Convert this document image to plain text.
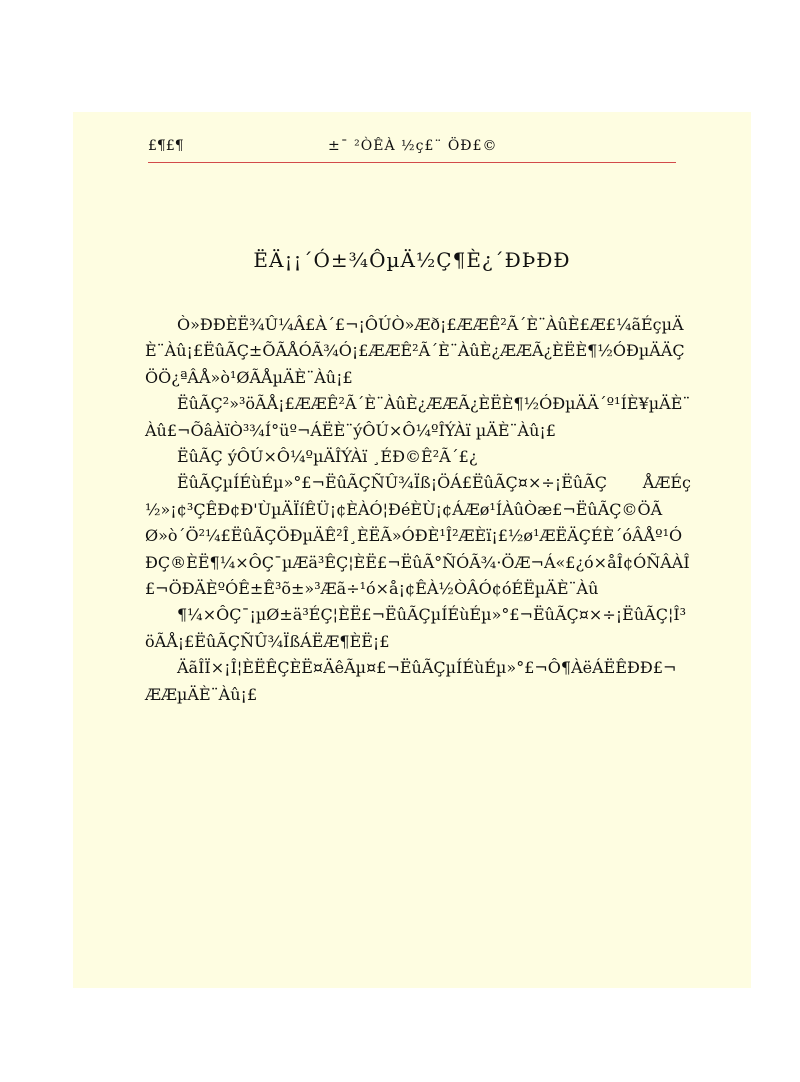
£¶£¶	±¯ ²ÒÊÀ ½ç£¨ ÖÐ£©
ËÄ¡¡´Ó±¾ÔµÄ½Ç¶È¿´ÐÞÐÐ

Ò»ÐÐÈË¾Û¼Â£À´£¬¡ÔÚÒ»Æð¡£ÆÆÊ²Ã´È¨ÀûÈ£Æ£¼ãÉçµÄÈ¨Àû¡£ËûÃÇ±ÕÃÅÓÃ¾Ó¡£ÆÆÊ²Ã´È¨ÀûÈ¿ÆÆÃ¿ÈËÈ¶½ÓÐµÄÄÇÖÖ¿ªÂÅ»ò¹ØÃÅµÄÈ¨Àû¡£

ËûÃÇ²»³öÃÅ¡£ÆÆÊ²Ã´È¨ÀûÈ¿ÆÆÃ¿ÈËÈ¶½ÓÐµÄÄ´º¹ÍÈ¥µÄÈ¨Àû£¬ÕâÀïÒ³¾Í°üº¬ÁËÈ¨ýÔÚ×Ô¼ºÎÝÀï µÄÈ¨Àû¡£

ËûÃÇ ýÔÚ×Ô¼ºµÄÎÝÀï ¸ÉÐ©Ê²Ã´£¿

ËûÃÇµÍÉùÉµ»°£¬ËûÃÇÑÛ¾Ïß¡ÖÁ£ËûÃÇ¤×÷¡ËûÃÇ ÅÆÉç½»¡¢³ÇÊÐ¢Ð'ÙµÄÏíÊÜ¡¢ÈÀÓ¦ÐéÈÙ¡¢ÁÆø¹ÍÀûÒæ£¬ËûÃÇ©ÖÃØ»ò´Ö²¼£ËûÃÇÖÐµÄÊ²Î¸ÈËÃ»ÓÐÈ¹Î²ÆÈï¡£½ø¹ÆËÄÇÉÈ´óÂÅº¹ÓÐÇ®ÈË¶¼×ÔÇ¯µÆä³ÊÇ¦ÈË£¬ËûÃ°ÑÓÃ¾·ÖÆ¬Á«£¿ó×åÎ¢ÓÑÂÀÎ£¬ÖÐÄÈºÓÊ±Ê³õ±»³Æã÷¹ó×å¡¢ÊÀ½ÒÂÓ¢óÉËµÄÈ¨Àû

¶¼×ÔÇ¯¡µØ±ä³ÉÇ¦ÈË£¬ËûÃÇµÍÉùÉµ»°£¬ËûÃÇ¤×÷¡ËûÃÇ¦Î³öÃÅ¡£ËûÃÇÑÛ¾ÏßÁËÆ¶ÈË¡£

ÄãÎÏ×¡Î¦ÈËÊÇÈË¤ÄêÃµ¤£¬ËûÃÇµÍÉùÉµ»°£¬Ô¶ÀëÁËÊÐÐ£¬ÆÆµÄÈ¨Àû¡£
